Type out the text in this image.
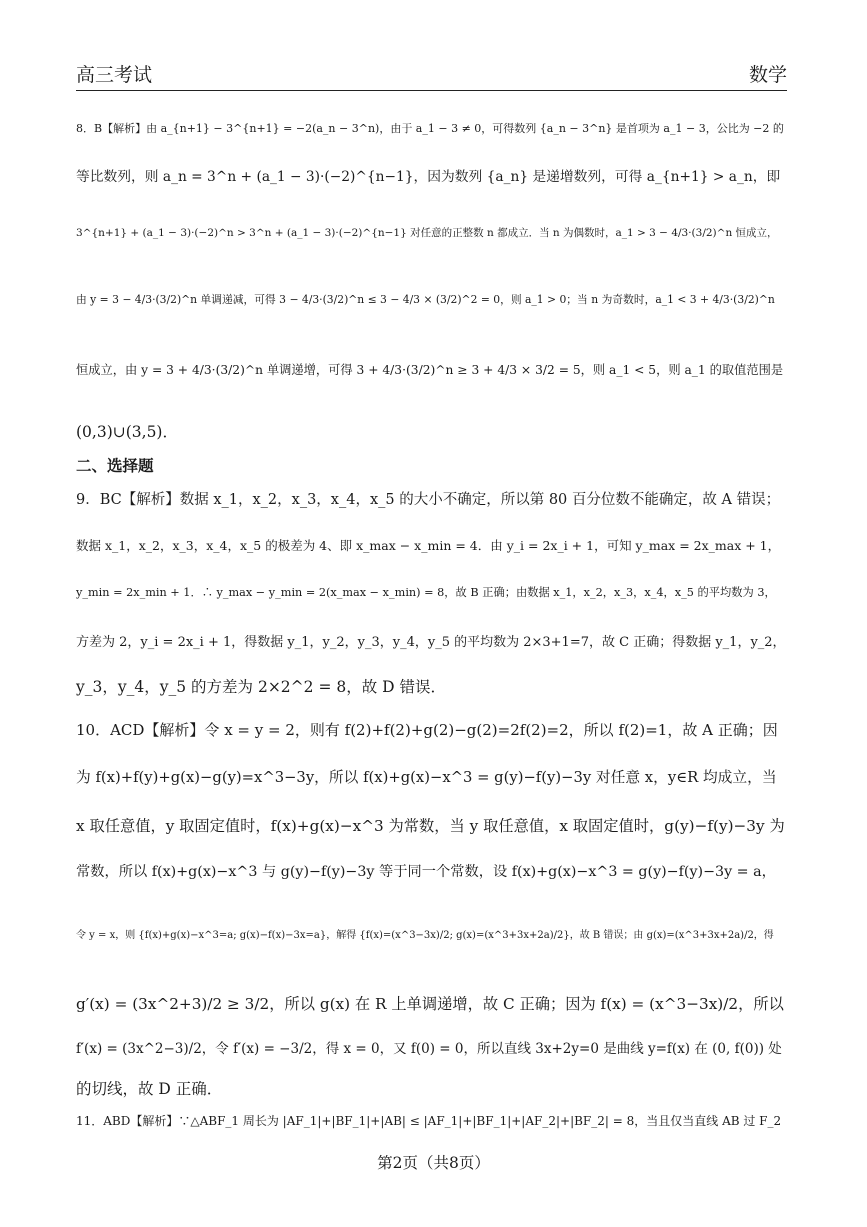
高三考试	数学
8．B【解析】由 a_{n+1} − 3^{n+1} = −2(a_n − 3^n)，由于 a_1 − 3 ≠ 0，可得数列 {a_n − 3^n} 是首项为 a_1 − 3，公比为 −2 的
等比数列，则 a_n = 3^n + (a_1 − 3)·(−2)^{n−1}，因为数列 {a_n} 是递增数列，可得 a_{n+1} > a_n，即
3^{n+1} + (a_1 − 3)·(−2)^n > 3^n + (a_1 − 3)·(−2)^{n−1} 对任意的正整数 n 都成立．当 n 为偶数时，a_1 > 3 − 4/3·(3/2)^n 恒成立，
由 y = 3 − 4/3·(3/2)^n 单调递减，可得 3 − 4/3·(3/2)^n ≤ 3 − 4/3 × (3/2)^2 = 0，则 a_1 > 0；当 n 为奇数时，a_1 < 3 + 4/3·(3/2)^n
恒成立，由 y = 3 + 4/3·(3/2)^n 单调递增，可得 3 + 4/3·(3/2)^n ≥ 3 + 4/3 × 3/2 = 5，则 a_1 < 5，则 a_1 的取值范围是
(0,3)∪(3,5)．
二、选择题
9．BC【解析】数据 x_1，x_2，x_3，x_4，x_5 的大小不确定，所以第 80 百分位数不能确定，故 A 错误；
数据 x_1，x_2，x_3，x_4，x_5 的极差为 4、即 x_max − x_min = 4．由 y_i = 2x_i + 1，可知 y_max = 2x_max + 1，
y_min = 2x_min + 1．∴ y_max − y_min = 2(x_max − x_min) = 8，故 B 正确；由数据 x_1，x_2，x_3，x_4，x_5 的平均数为 3，
方差为 2，y_i = 2x_i + 1，得数据 y_1，y_2，y_3，y_4，y_5 的平均数为 2×3+1=7，故 C 正确；得数据 y_1，y_2，
y_3，y_4，y_5 的方差为 2×2^2 = 8，故 D 错误．
10．ACD【解析】令 x = y = 2，则有 f(2)+f(2)+g(2)−g(2)=2f(2)=2，所以 f(2)=1，故 A 正确；因
为 f(x)+f(y)+g(x)−g(y)=x^3−3y，所以 f(x)+g(x)−x^3 = g(y)−f(y)−3y 对任意 x，y∈R 均成立，当
x 取任意值，y 取固定值时，f(x)+g(x)−x^3 为常数，当 y 取任意值，x 取固定值时，g(y)−f(y)−3y 为
常数，所以 f(x)+g(x)−x^3 与 g(y)−f(y)−3y 等于同一个常数，设 f(x)+g(x)−x^3 = g(y)−f(y)−3y = a，
令 y = x，则 {f(x)+g(x)−x^3=a; g(x)−f(x)−3x=a}，解得 {f(x)=(x^3−3x)/2; g(x)=(x^3+3x+2a)/2}，故 B 错误；由 g(x)=(x^3+3x+2a)/2，得
g′(x) = (3x^2+3)/2 ≥ 3/2，所以 g(x) 在 R 上单调递增，故 C 正确；因为 f(x) = (x^3−3x)/2，所以
f′(x) = (3x^2−3)/2，令 f′(x) = −3/2，得 x = 0，又 f(0) = 0，所以直线 3x+2y=0 是曲线 y=f(x) 在 (0, f(0)) 处
的切线，故 D 正确．
11．ABD【解析】∵△ABF_1 周长为 |AF_1|+|BF_1|+|AB| ≤ |AF_1|+|BF_1|+|AF_2|+|BF_2| = 8，当且仅当直线 AB 过 F_2
第2页（共8页）
